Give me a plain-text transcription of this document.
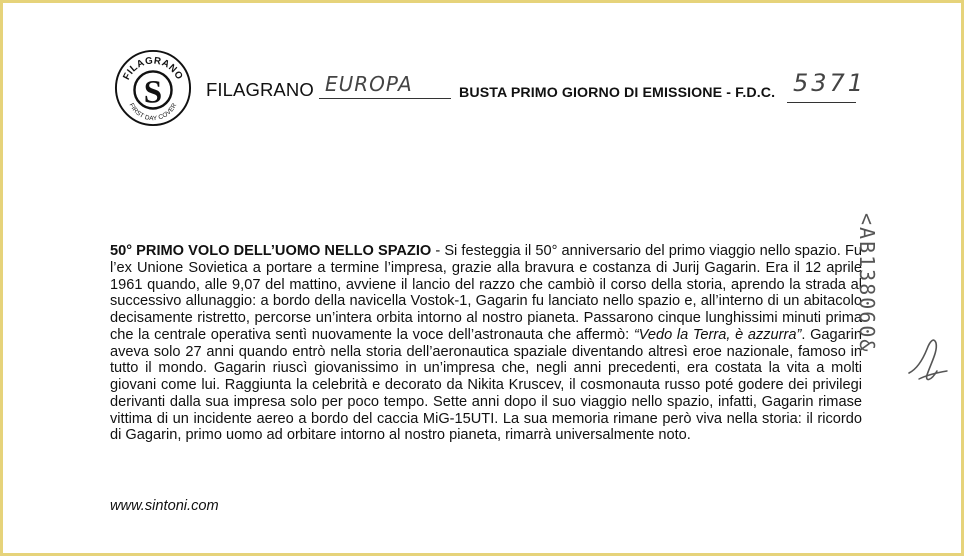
S
FILAGRANO
FIRST DAY COVER
FILAGRANO EUROPA	BUSTA PRIMO GIORNO DI EMISSIONE - F.D.C. 5371
50° PRIMO VOLO DELL’UOMO NELLO SPAZIO - Si festeggia il 50° anniversario del primo viaggio nello spazio. Fu l’ex Unione Sovietica a portare a termine l’impresa, grazie alla bravura e costanza di Jurij Gagarin. Era il 12 aprile 1961 quando, alle 9,07 del mattino, avviene il lancio del razzo che cambiò il corso della storia, aprendo la strada al successivo allunaggio: a bordo della navicella Vostok-1, Gagarin fu lanciato nello spazio e, all’interno di un abitacolo decisamente ristretto, percorse un’intera orbita intorno al nostro pianeta. Passarono cinque lunghissimi minuti prima che la centrale operativa sentì nuovamente la voce dell’astronauta che affermò: “Vedo la Terra, è azzurra”. Gagarin aveva solo 27 anni quando entrò nella storia dell’aeronautica spaziale diventando altresì eroe nazionale, famoso in tutto il mondo. Gagarin riuscì giovanissimo in un’impresa che, negli anni precedenti, era costata la vita a molti giovani come lui. Raggiunta la celebrità e decorato da Nikita Kruscev, il cosmonauta russo poté godere dei privilegi derivanti dalla sua impresa solo per poco tempo. Sette anni dopo il suo viaggio nello spazio, infatti, Gagarin rimase vittima di un incidente aereo a bordo del caccia MiG-15UTI. La sua memoria rimane però viva nella storia: il ricordo di Gagarin, primo uomo ad orbitare intorno al nostro pianeta, rimarrà universalmente noto.
www.sintoni.com
<AB138060&
